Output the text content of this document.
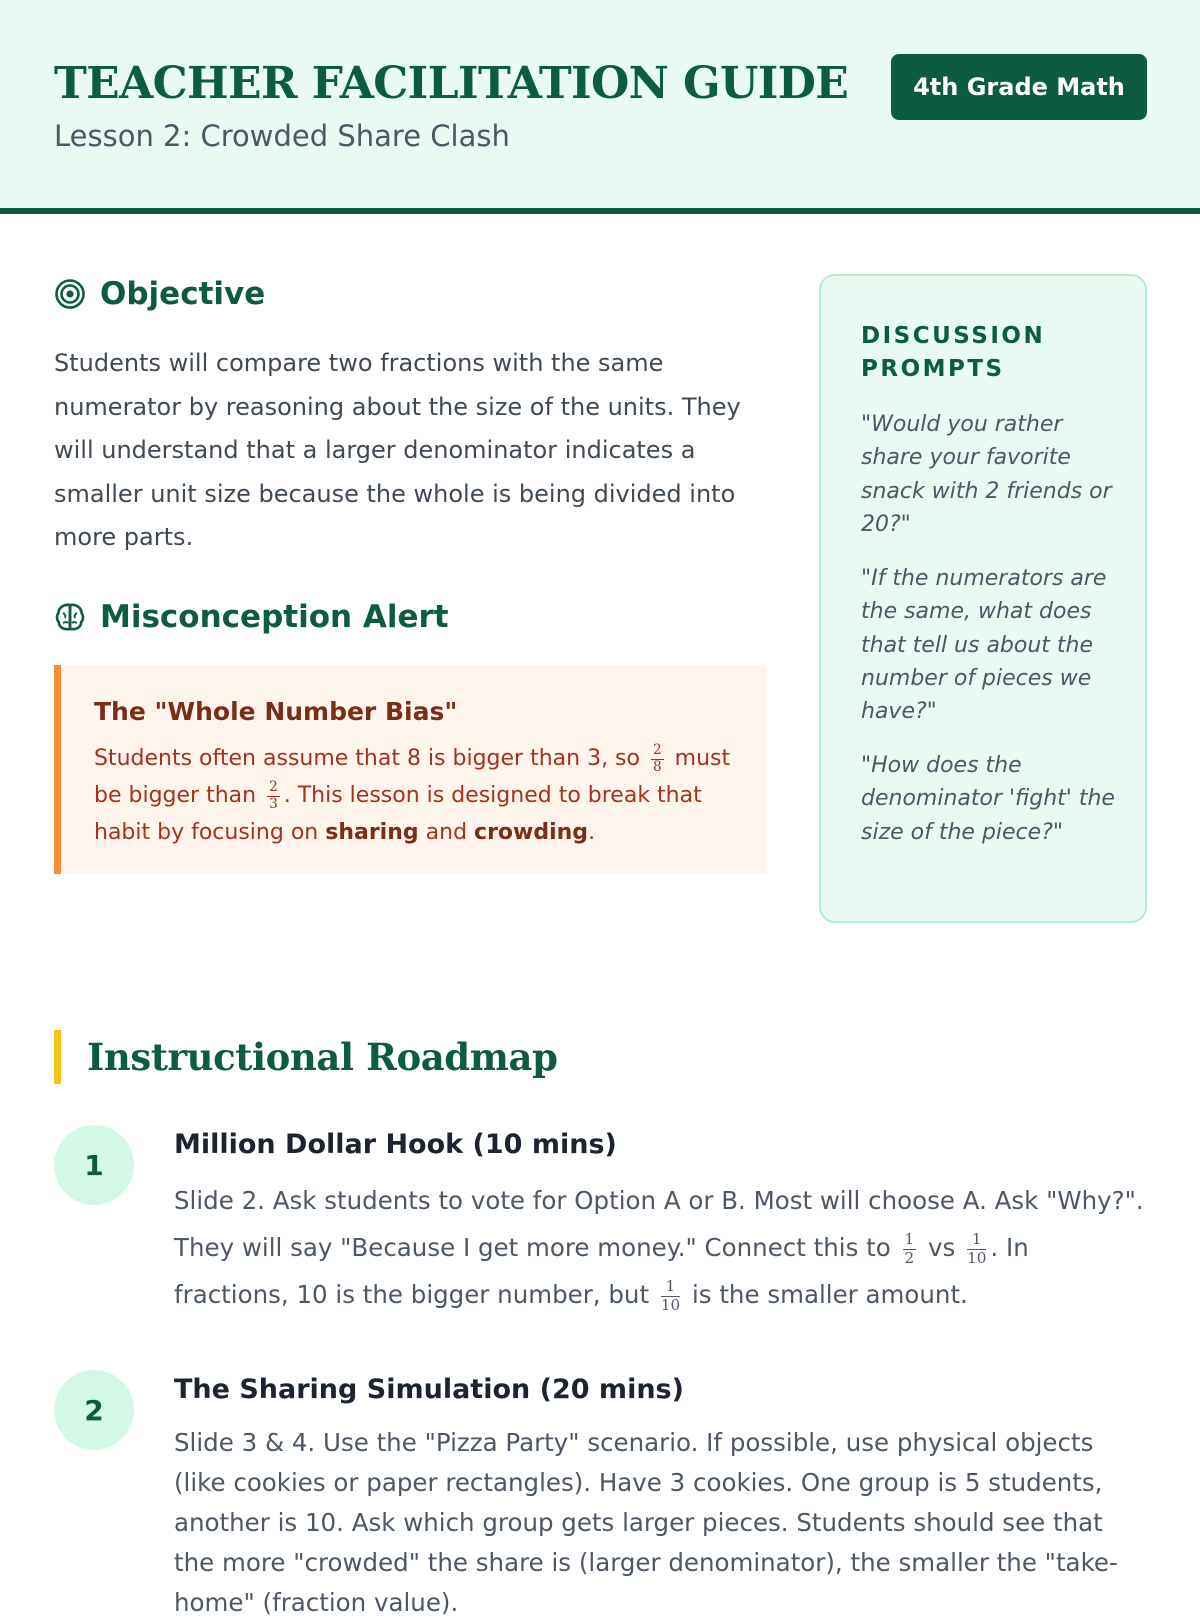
TEACHER FACILITATION GUIDE
Lesson 2: Crowded Share Clash
4th Grade Math
Objective
Students will compare two fractions with the same numerator by reasoning about the size of the units. They will understand that a larger denominator indicates a smaller unit size because the whole is being divided into more parts.
Misconception Alert
The "Whole Number Bias"
Students often assume that 8 is bigger than 3, so $\frac{2}{8}$ must be bigger than $\frac{2}{3}$ . This lesson is designed to break that habit by focusing on sharing and crowding.
DISCUSSION PROMPTS
"Would you rather share your favorite snack with 2 friends or 20?"
"If the numerators are the same, what does that tell us about the number of pieces we have?"
"How does the denominator 'fight' the size of the piece?"
Instructional Roadmap
1
Million Dollar Hook (10 mins)
Slide 2. Ask students to vote for Option A or B. Most will choose A. Ask "Why?". They will say "Because I get more money." Connect this to $\frac{1}{2}$ vs $\frac{1}{10}$ . In fractions, 10 is the bigger number, but $\frac{1}{10}$ is the smaller amount.
2
The Sharing Simulation (20 mins)
Slide 3 & 4. Use the "Pizza Party" scenario. If possible, use physical objects (like cookies or paper rectangles). Have 3 cookies. One group is 5 students, another is 10. Ask which group gets larger pieces. Students should see that the more "crowded" the share is (larger denominator), the smaller the "take-home" (fraction value).
